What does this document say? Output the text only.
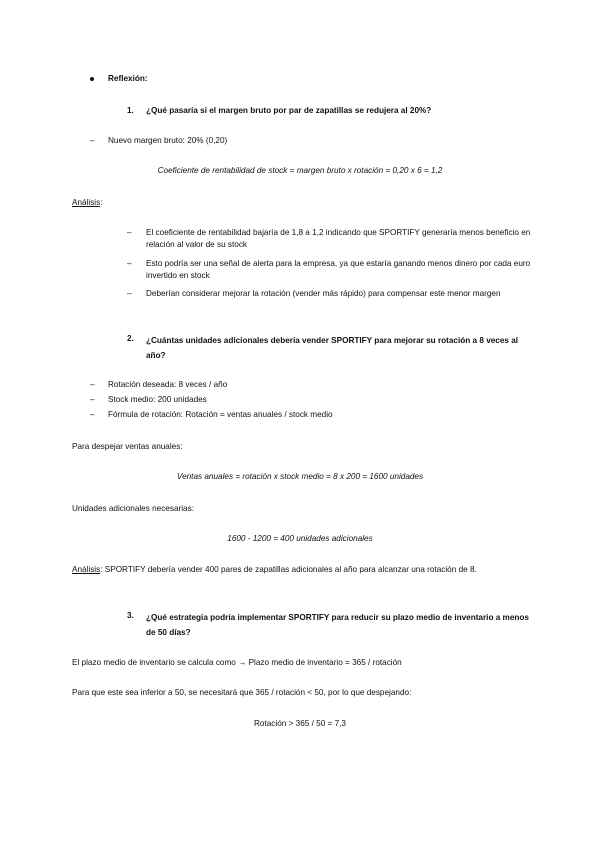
Reflexión:
1. ¿Qué pasaría si el margen bruto por par de zapatillas se redujera al 20%?
– Nuevo margen bruto: 20% (0,20)
Coeficiente de rentabilidad de stock = margen bruto x rotación = 0,20 x 6 = 1,2
Análisis:
– El coeficiente de rentabilidad bajaría de 1,8 a 1,2 indicando que SPORTIFY generaría menos beneficio en relación al valor de su stock
– Esto podría ser una señal de alerta para la empresa, ya que estaría ganando menos dinero por cada euro invertido en stock
– Deberían considerar mejorar la rotación (vender más rápido) para compensar este menor margen
2. ¿Cuántas unidades adicionales debería vender SPORTIFY para mejorar su rotación a 8 veces al año?
– Rotación deseada: 8 veces / año
– Stock medio: 200 unidades
– Fórmula de rotación: Rotación = ventas anuales / stock medio
Para despejar ventas anuales:
Ventas anuales = rotación x stock medio = 8 x 200 = 1600 unidades
Unidades adicionales necesarias:
1600 - 1200 = 400 unidades adicionales
Análisis: SPORTIFY debería vender 400 pares de zapatillas adicionales al año para alcanzar una rotación de 8.
3. ¿Qué estrategia podría implementar SPORTIFY para reducir su plazo medio de inventario a menos de 50 días?
El plazo medio de inventario se calcula como → Plazo medio de inventario = 365 / rotación
Para que este sea inferior a 50, se necesitará que 365 / rotación < 50, por lo que despejando:
Rotación > 365 / 50 = 7,3
